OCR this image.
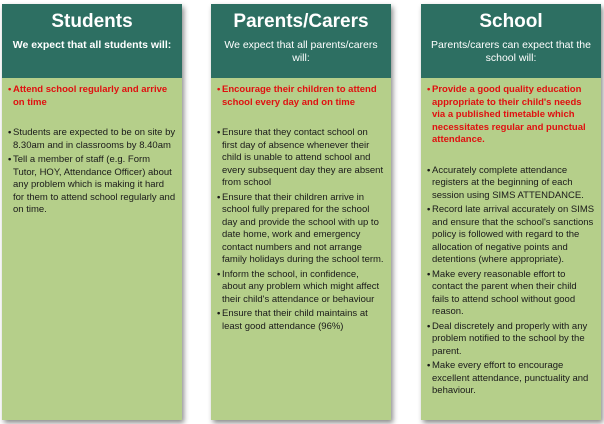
Students
We expect that all students will:
• Attend school regularly and arrive on time
• Students are expected to be on site by 8.30am and in classrooms by 8.40am
• Tell a member of staff (e.g. Form Tutor, HOY, Attendance Officer) about any problem which is making it hard for them to attend school regularly and on time.
Parents/Carers
We expect that all parents/carers will:
• Encourage their children to attend school every day and on time
• Ensure that they contact school on first day of absence whenever their child is unable to attend school and every subsequent day they are absent from school
• Ensure that their children arrive in school fully prepared for the school day and provide the school with up to date home, work and emergency contact numbers and not arrange family holidays during the school term.
• Inform the school, in confidence, about any problem which might affect their child's attendance or behaviour
• Ensure that their child maintains at least good attendance (96%)
School
Parents/carers can expect that the school will:
• Provide a good quality education appropriate to their child's needs via a published timetable which necessitates regular and punctual attendance.
• Accurately complete attendance registers at the beginning of each session using SIMS ATTENDANCE.
• Record late arrival accurately on SIMS and ensure that the school's sanctions policy is followed with regard to the allocation of negative points and detentions (where appropriate).
• Make every reasonable effort to contact the parent when their child fails to attend school without good reason.
• Deal discretely and properly with any problem notified to the school by the parent.
• Make every effort to encourage excellent attendance, punctuality and behaviour.
